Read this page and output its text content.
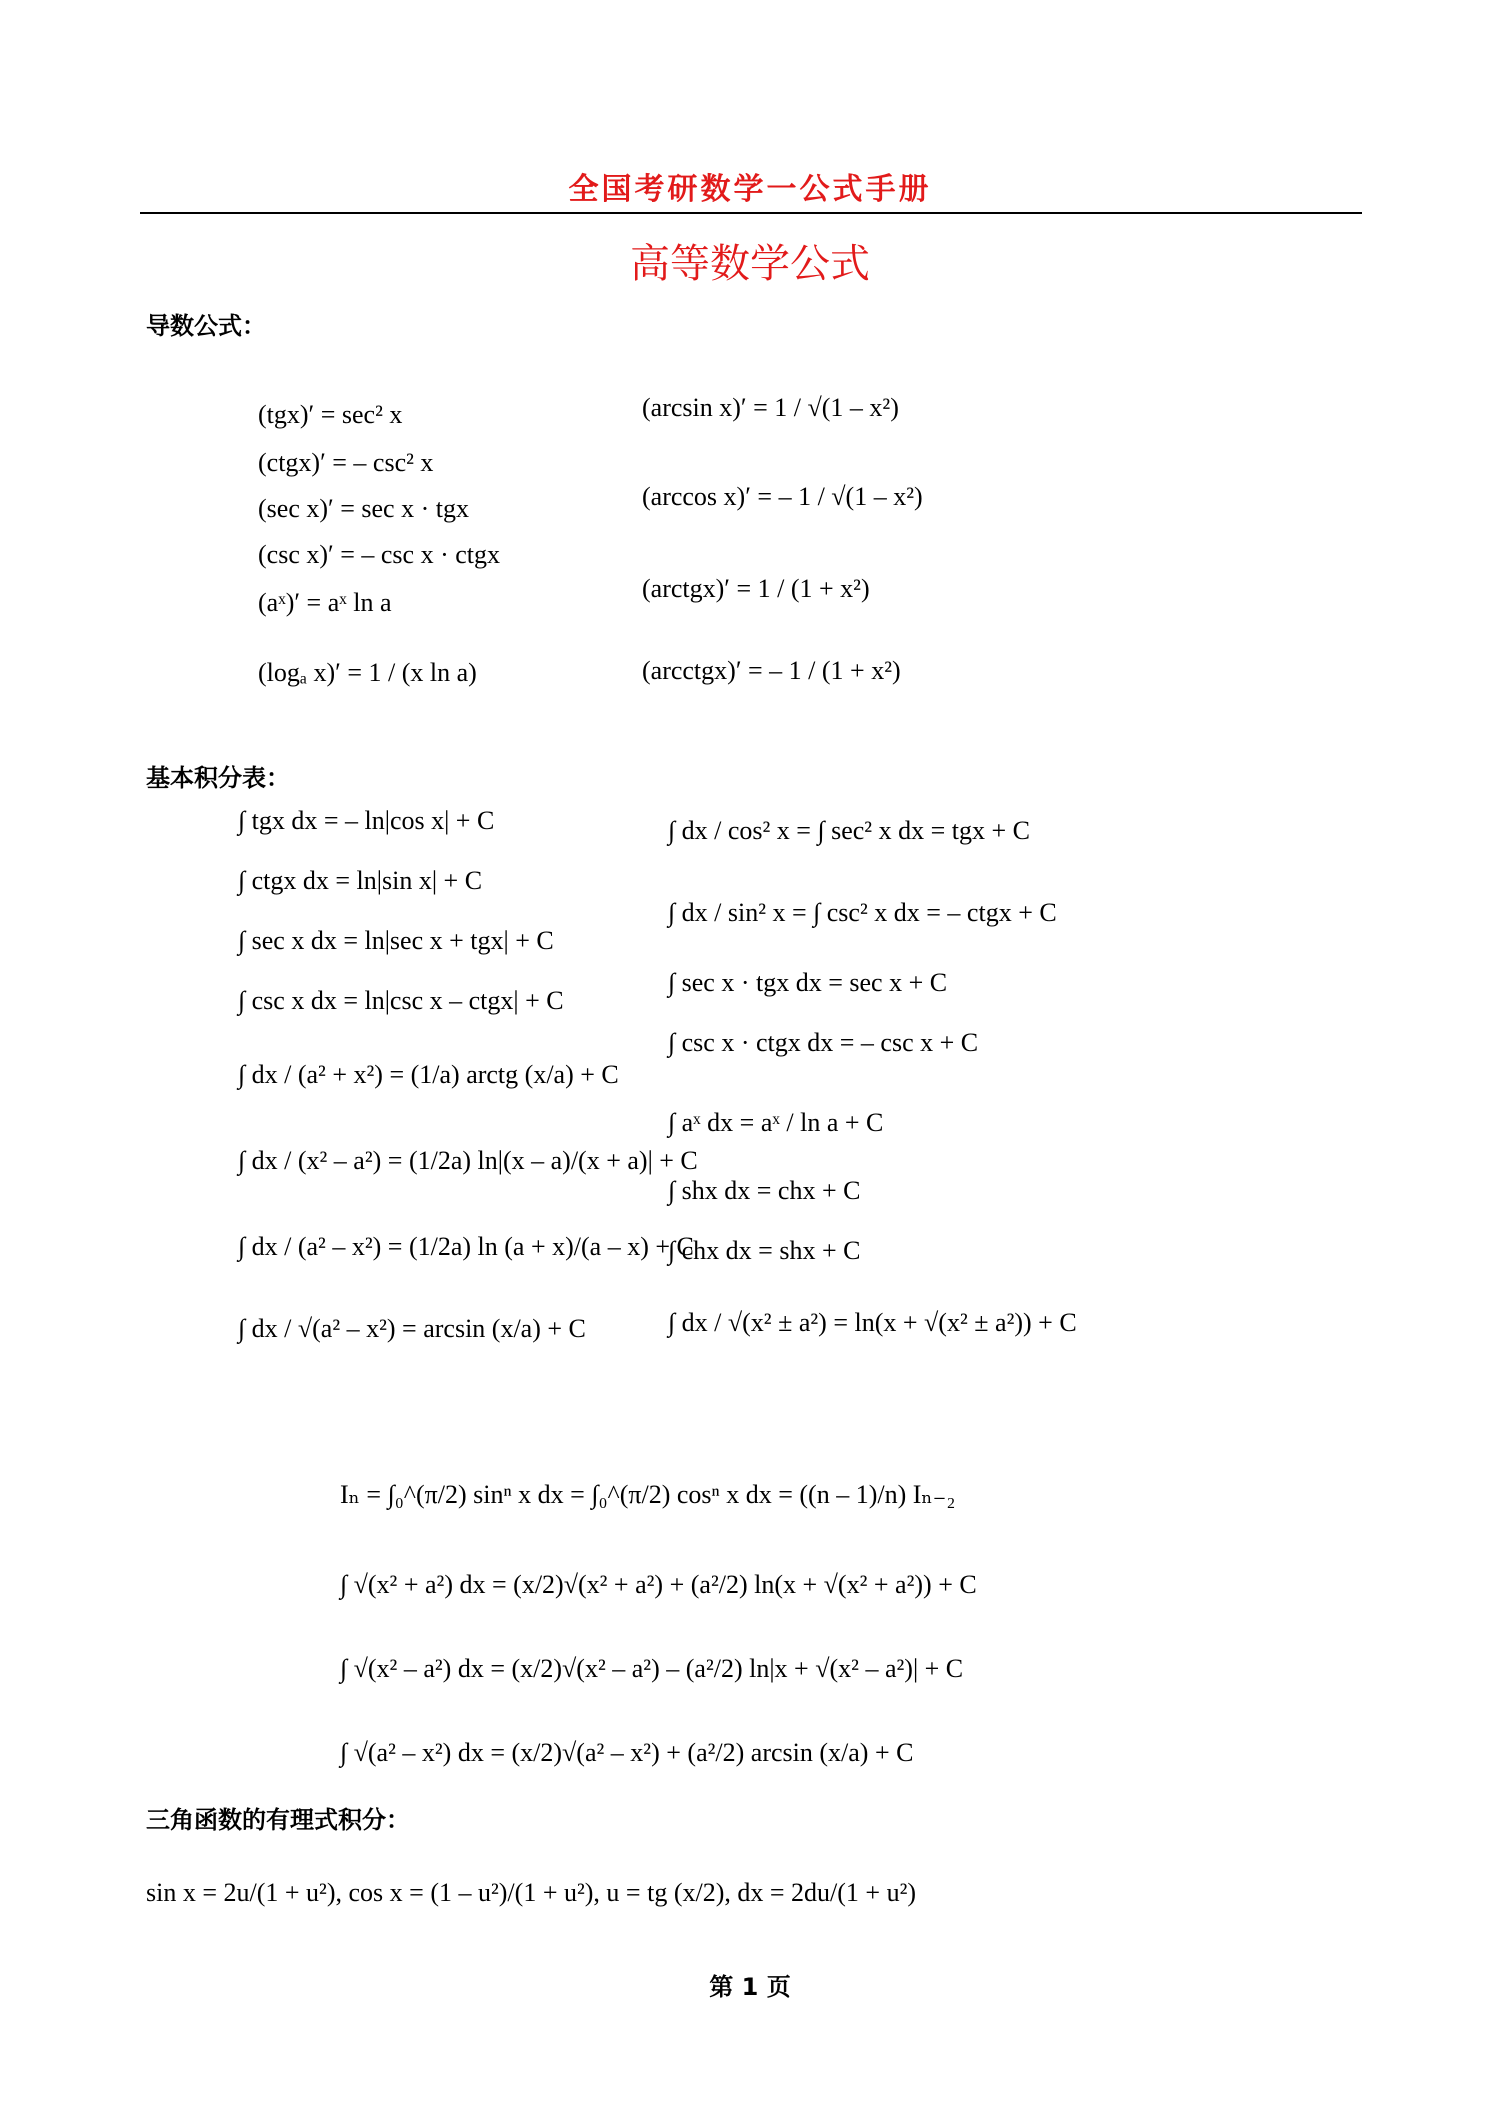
全国考研数学一公式手册
高等数学公式
导数公式：
(tgx)′ = sec² x
(ctgx)′ = – csc² x
(sec x)′ = sec x · tgx
(csc x)′ = – csc x · ctgx
(aˣ)′ = aˣ ln a
(logₐ x)′ = 1 / (x ln a)
(arcsin x)′ = 1 / √(1 – x²)
(arccos x)′ = – 1 / √(1 – x²)
(arctgx)′ = 1 / (1 + x²)
(arcctgx)′ = – 1 / (1 + x²)
基本积分表：
∫ tgx dx = – ln|cos x| + C
∫ ctgx dx = ln|sin x| + C
∫ sec x dx = ln|sec x + tgx| + C
∫ csc x dx = ln|csc x – ctgx| + C
∫ dx / (a² + x²) = (1/a) arctg (x/a) + C
∫ dx / (x² – a²) = (1/2a) ln|(x – a)/(x + a)| + C
∫ dx / (a² – x²) = (1/2a) ln (a + x)/(a – x) + C
∫ dx / √(a² – x²) = arcsin (x/a) + C
∫ dx / cos² x = ∫ sec² x dx = tgx + C
∫ dx / sin² x = ∫ csc² x dx = – ctgx + C
∫ sec x · tgx dx = sec x + C
∫ csc x · ctgx dx = – csc x + C
∫ aˣ dx = aˣ / ln a + C
∫ shx dx = chx + C
∫ chx dx = shx + C
∫ dx / √(x² ± a²) = ln(x + √(x² ± a²)) + C
Iₙ = ∫₀^(π/2) sinⁿ x dx = ∫₀^(π/2) cosⁿ x dx = ((n – 1)/n) Iₙ₋₂
∫ √(x² + a²) dx = (x/2)√(x² + a²) + (a²/2) ln(x + √(x² + a²)) + C
∫ √(x² – a²) dx = (x/2)√(x² – a²) – (a²/2) ln|x + √(x² – a²)| + C
∫ √(a² – x²) dx = (x/2)√(a² – x²) + (a²/2) arcsin (x/a) + C
三角函数的有理式积分：
sin x = 2u/(1 + u²), cos x = (1 – u²)/(1 + u²), u = tg (x/2), dx = 2du/(1 + u²)
第 1 页
